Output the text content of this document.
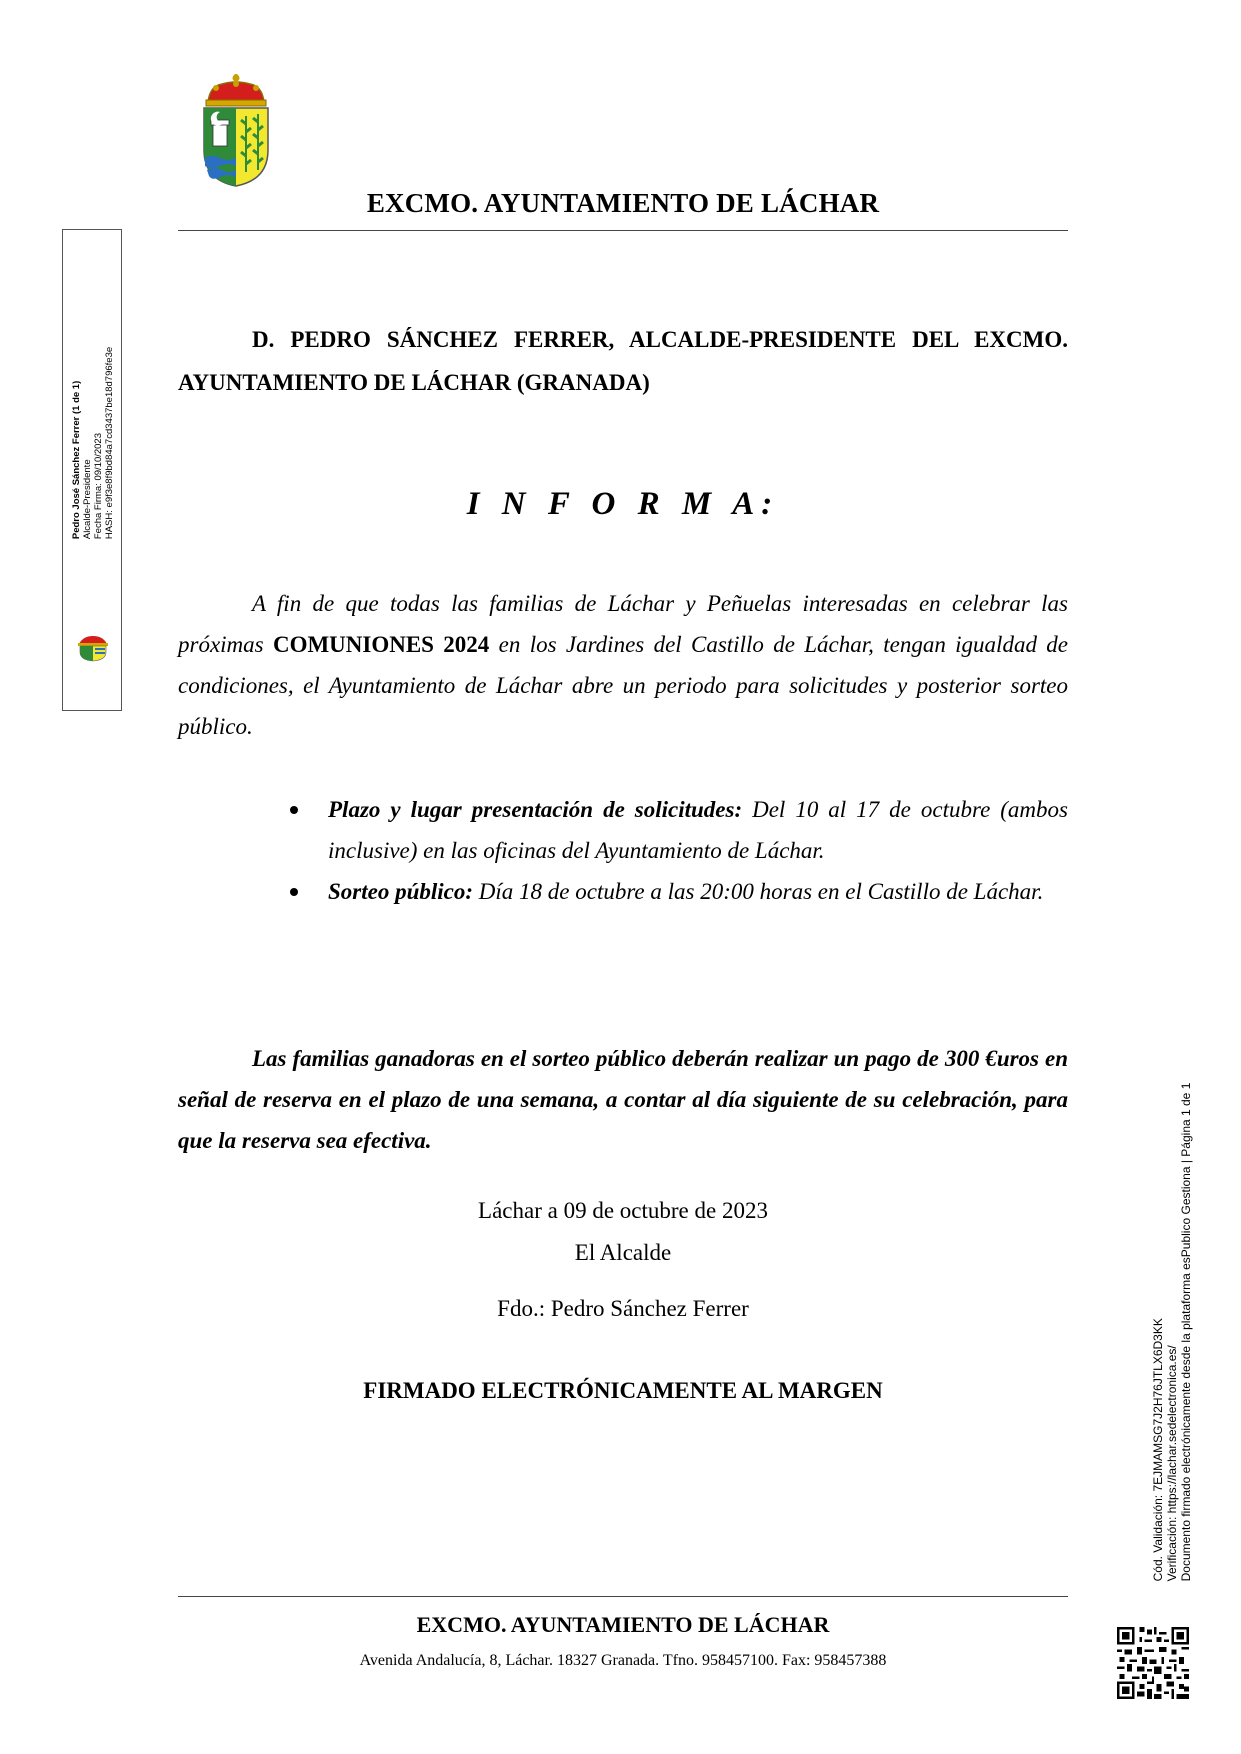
EXCMO. AYUNTAMIENTO DE LÁCHAR
D. PEDRO SÁNCHEZ FERRER, ALCALDE-PRESIDENTE DEL EXCMO. AYUNTAMIENTO DE LÁCHAR (GRANADA)
I N F O R M A:
A fin de que todas las familias de Láchar y Peñuelas interesadas en celebrar las próximas COMUNIONES 2024 en los Jardines del Castillo de Láchar, tengan igualdad de condiciones, el Ayuntamiento de Láchar abre un periodo para solicitudes y posterior sorteo público.
Plazo y lugar presentación de solicitudes: Del 10 al 17 de octubre (ambos inclusive) en las oficinas del Ayuntamiento de Láchar.
Sorteo público: Día 18 de octubre a las 20:00 horas en el Castillo de Láchar.
Las familias ganadoras en el sorteo público deberán realizar un pago de 300 €uros en señal de reserva en el plazo de una semana, a contar al día siguiente de su celebración, para que la reserva sea efectiva.
Láchar a 09 de octubre de 2023
El Alcalde
Fdo.: Pedro Sánchez Ferrer
FIRMADO ELECTRÓNICAMENTE AL MARGEN
EXCMO. AYUNTAMIENTO DE LÁCHAR
Avenida Andalucía, 8, Láchar. 18327 Granada. Tfno. 958457100. Fax: 958457388
Pedro José Sánchez Ferrer (1 de 1) Alcalde-Presidente Fecha Firma: 09/10/2023 HASH: e9f3e8f9bd84a7cd3437be18d796fe3e
Cód. Validación: 7EJMAMSG7J2H76JTLX6D3KK Verificación: https://lachar.sedelectronica.es/ Documento firmado electrónicamente desde la plataforma esPublico Gestiona | Página 1 de 1
